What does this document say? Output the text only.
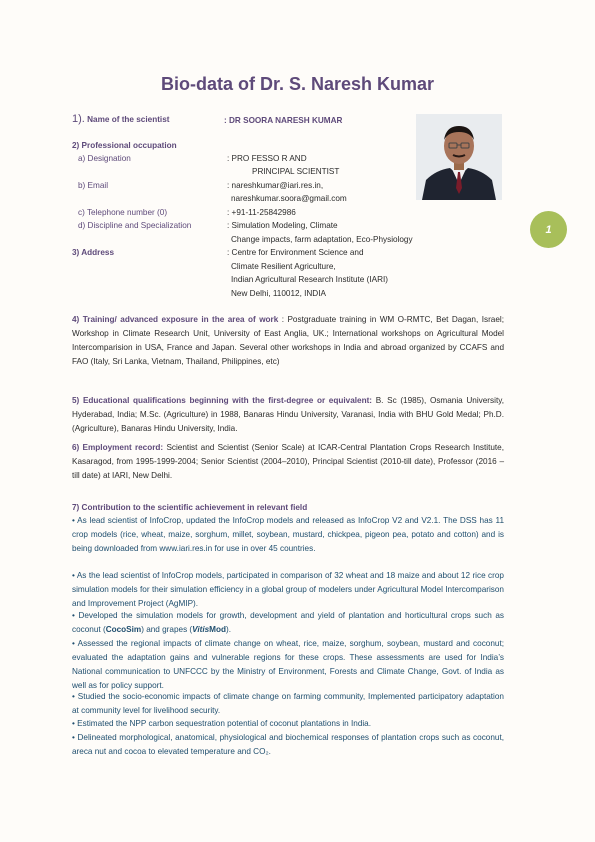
Bio-data of Dr. S. Naresh Kumar
1). Name of the scientist	: DR SOORA NARESH KUMAR
2) Professional occupation
a) Designation	: PRO FESSO R AND
PRINCIPAL SCIENTIST
b) Email	: nareshkumar@iari.res.in,
nareshkumar.soora@gmail.com
c) Telephone number (0)	: +91-11-25842986
d) Discipline and Specialization	: Simulation Modeling, Climate
Change impacts, farm adaptation, Eco-Physiology
1
3) Address	: Centre for Environment Science and
Climate Resilient Agriculture,
Indian Agricultural Research Institute (IARI)
New Delhi, 110012, INDIA
4) Training/ advanced exposure in the area of work : Postgraduate training in WM O-RMTC, Bet Dagan, Israel; Workshop in Climate Research Unit, University of East Anglia, UK.; International workshops on Agricultural Model Intercomparision in USA, France and Japan. Several other workshops in India and abroad organized by CCAFS and FAO (Italy, Sri Lanka, Vietnam, Thailand, Philippines, etc)
5) Educational qualifications beginning with the first-degree or equivalent: B. Sc (1985), Osmania University, Hyderabad, India; M.Sc. (Agriculture) in 1988, Banaras Hindu University, Varanasi, India with BHU Gold Medal; Ph.D. (Agriculture), Banaras Hindu University, India.
6) Employment record: Scientist and Scientist (Senior Scale) at ICAR-Central Plantation Crops Research Institute, Kasaragod, from 1995-1999-2004; Senior Scientist (2004–2010), Principal Scientist (2010-till date), Professor (2016 –till date) at IARI, New Delhi.
7) Contribution to the scientific achievement in relevant field
• As lead scientist of InfoCrop, updated the InfoCrop models and released as InfoCrop V2 and V2.1. The DSS has 11 crop models (rice, wheat, maize, sorghum, millet, soybean, mustard, chickpea, pigeon pea, potato and cotton) and is being downloaded from www.iari.res.in for use in over 45 countries.
• As the lead scientist of InfoCrop models, participated in comparison of 32 wheat and 18 maize and about 12 rice crop simulation models for their simulation efficiency in a global group of modelers under Agricultural Model Intercomparison and Improvement Project (AgMIP).
• Developed the simulation models for growth, development and yield of plantation and horticultural crops such as coconut (CocoSim) and grapes (VitisMod).
• Assessed the regional impacts of climate change on wheat, rice, maize, sorghum, soybean, mustard and coconut; evaluated the adaptation gains and vulnerable regions for these crops. These assessments are used for India’s National communication to UNFCCC by the Ministry of Environment, Forests and Climate Change, Govt. of India as well as for policy support.
• Studied the socio-economic impacts of climate change on farming community, Implemented participatory adaptation at community level for livelihood security.
• Estimated the NPP carbon sequestration potential of coconut plantations in India.
• Delineated morphological, anatomical, physiological and biochemical responses of plantation crops such as coconut, areca nut and cocoa to elevated temperature and CO₂.
